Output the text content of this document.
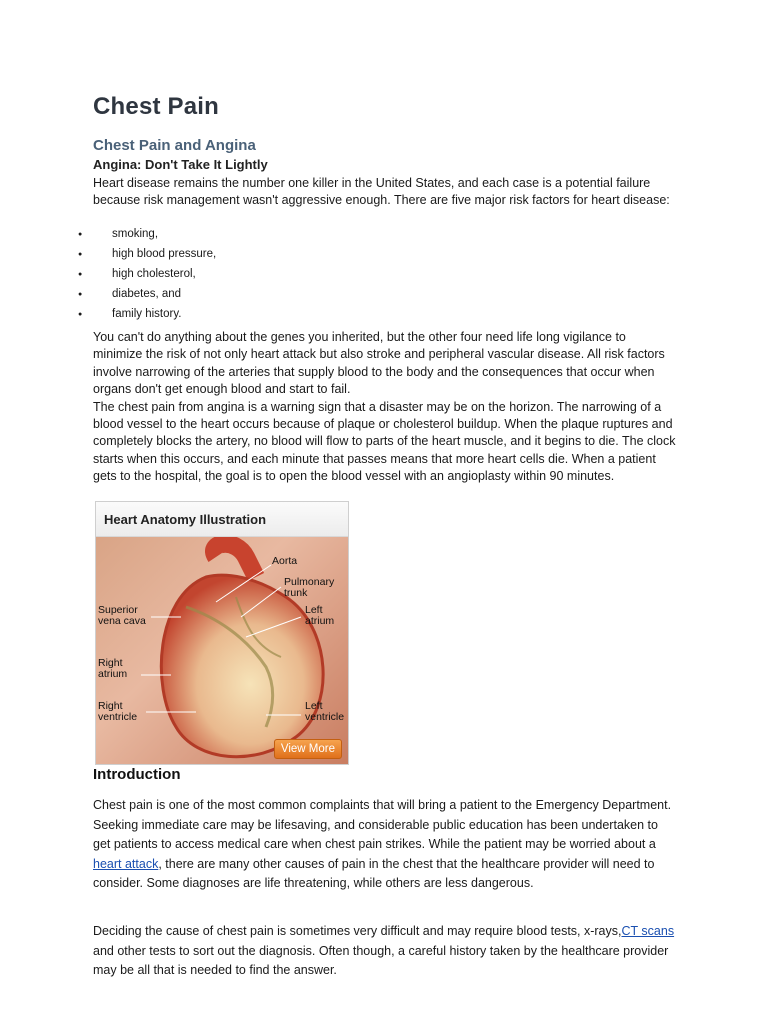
Chest Pain
Chest Pain and Angina
Angina: Don't Take It Lightly
Heart disease remains the number one killer in the United States, and each case is a potential failure because risk management wasn't aggressive enough. There are five major risk factors for heart disease:
● smoking,
● high blood pressure,
● high cholesterol,
● diabetes, and
● family history.
You can't do anything about the genes you inherited, but the other four need life long vigilance to minimize the risk of not only heart attack but also stroke and peripheral vascular disease. All risk factors involve narrowing of the arteries that supply blood to the body and the consequences that occur when organs don't get enough blood and start to fail.
The chest pain from angina is a warning sign that a disaster may be on the horizon. The narrowing of a blood vessel to the heart occurs because of plaque or cholesterol buildup. When the plaque ruptures and completely blocks the artery, no blood will flow to parts of the heart muscle, and it begins to die. The clock starts when this occurs, and each minute that passes means that more heart cells die. When a patient gets to the hospital, the goal is to open the blood vessel with an angioplasty within 90 minutes.
Heart Anatomy Illustration
Aorta
Pulmonary
trunk
Left
atrium
Superior
vena cava
Right
atrium
Right
ventricle
Left
ventricle
View More
Introduction
Chest pain is one of the most common complaints that will bring a patient to the Emergency Department. Seeking immediate care may be lifesaving, and considerable public education has been undertaken to get patients to access medical care when chest pain strikes. While the patient may be worried about a heart attack, there are many other causes of pain in the chest that the healthcare provider will need to consider. Some diagnoses are life threatening, while others are less dangerous.
Deciding the cause of chest pain is sometimes very difficult and may require blood tests, x-rays,CT scans and other tests to sort out the diagnosis. Often though, a careful history taken by the healthcare provider may be all that is needed to find the answer.
